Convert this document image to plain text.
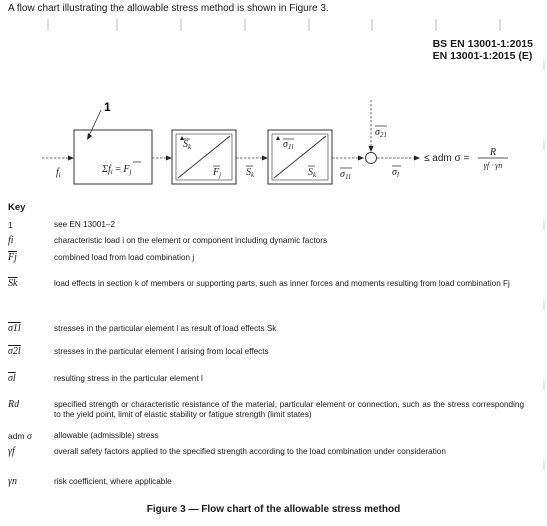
A flow chart illustrating the allowable stress method is shown in Figure 3.
BS EN 13001-1:2015
EN 13001-1:2015 (E)
1
$f_i$	$\Sigma f_i = F_j$
$S_k$
$F_j$ $S_k$
$\sigma_{1l}$
$S_k$ $\sigma_{1l}$
$\sigma_{21}$
$\sigma_l$
≤ adm σ =
R
γf · γn
Key
1	see EN 13001–2
fi	characteristic load i on the element or component including dynamic factors
$\overline{Fj}$	combined load from load combination j
$\overline{Sk}$	load effects in section k of members or supporting parts, such as inner forces and moments resulting from load combination Fj
σ1l	stresses in the particular element l as result of load effects Sk
σ2l	stresses in the particular element l arising from local effects
$\overline{\sigma l}$	resulting stress in the particular element l
Rd	specified strength or characteristic resistance of the material, particular element or connection, such as the stress corresponding to the yield point, limit of elastic stability or fatigue strength (limit states)
adm σ	allowable (admissible) stress
γf	overall safety factors applied to the specified strength according to the load combination under consideration
γn	risk coefficient, where applicable
Figure 3 — Flow chart of the allowable stress method
